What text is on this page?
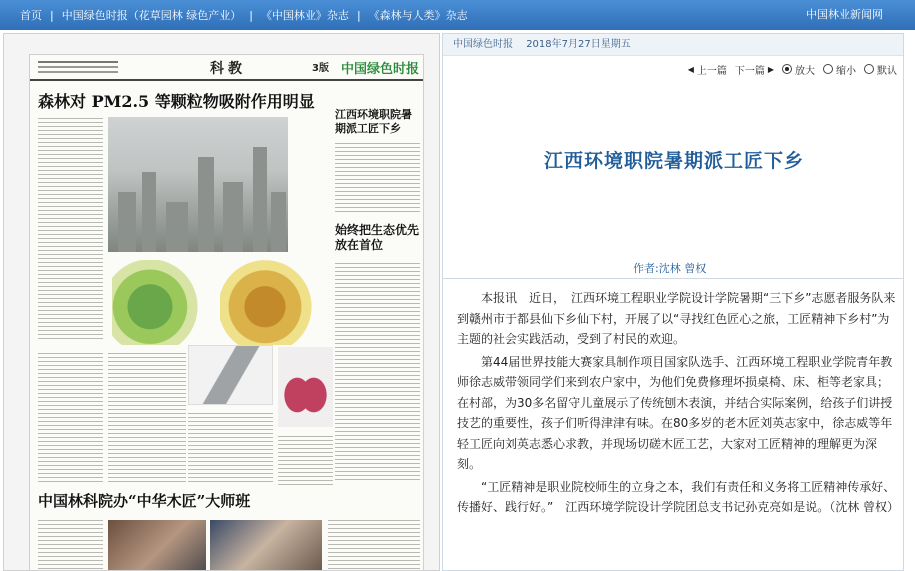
首页 | 中国绿色时报（花草园林 绿色产业） | 《中国林业》杂志 | 《森林与人类》杂志	中国林业新闻网
科教	3版 中国绿色时报
森林对 PM2.5 等颗粒物吸附作用明显
江西环境职院暑期派工匠下乡
始终把生态优先放在首位
中国林科院办“中华木匠”大师班
中国绿色时报 2018年7月27日星期五
◀ 上一篇 下一篇 ▶ 放大 缩小 默认
江西环境职院暑期派工匠下乡
作者:沈林 曾权

本报讯　近日，　江西环境工程职业学院设计学院暑期“三下乡”志愿者服务队来到赣州市于都县仙下乡仙下村，开展了以“寻找红色匠心之旅，工匠精神下乡村”为主题的社会实践活动，受到了村民的欢迎。

第44届世界技能大赛家具制作项目国家队选手、江西环境工程职业学院青年教师徐志威带领同学们来到农户家中，为他们免费修理坏损桌椅、床、柜等老家具；在村部，为30多名留守儿童展示了传统刨木表演，并结合实际案例，给孩子们讲授技艺的重要性，孩子们听得津津有味。在80多岁的老木匠刘英志家中，徐志威等年轻工匠向刘英志悉心求教，并现场切磋木匠工艺，大家对工匠精神的理解更为深刻。

“工匠精神是职业院校师生的立身之本，我们有责任和义务将工匠精神传承好、传播好、践行好。”　江西环境学院设计学院团总支书记孙克亮如是说。（沈林 曾权）
